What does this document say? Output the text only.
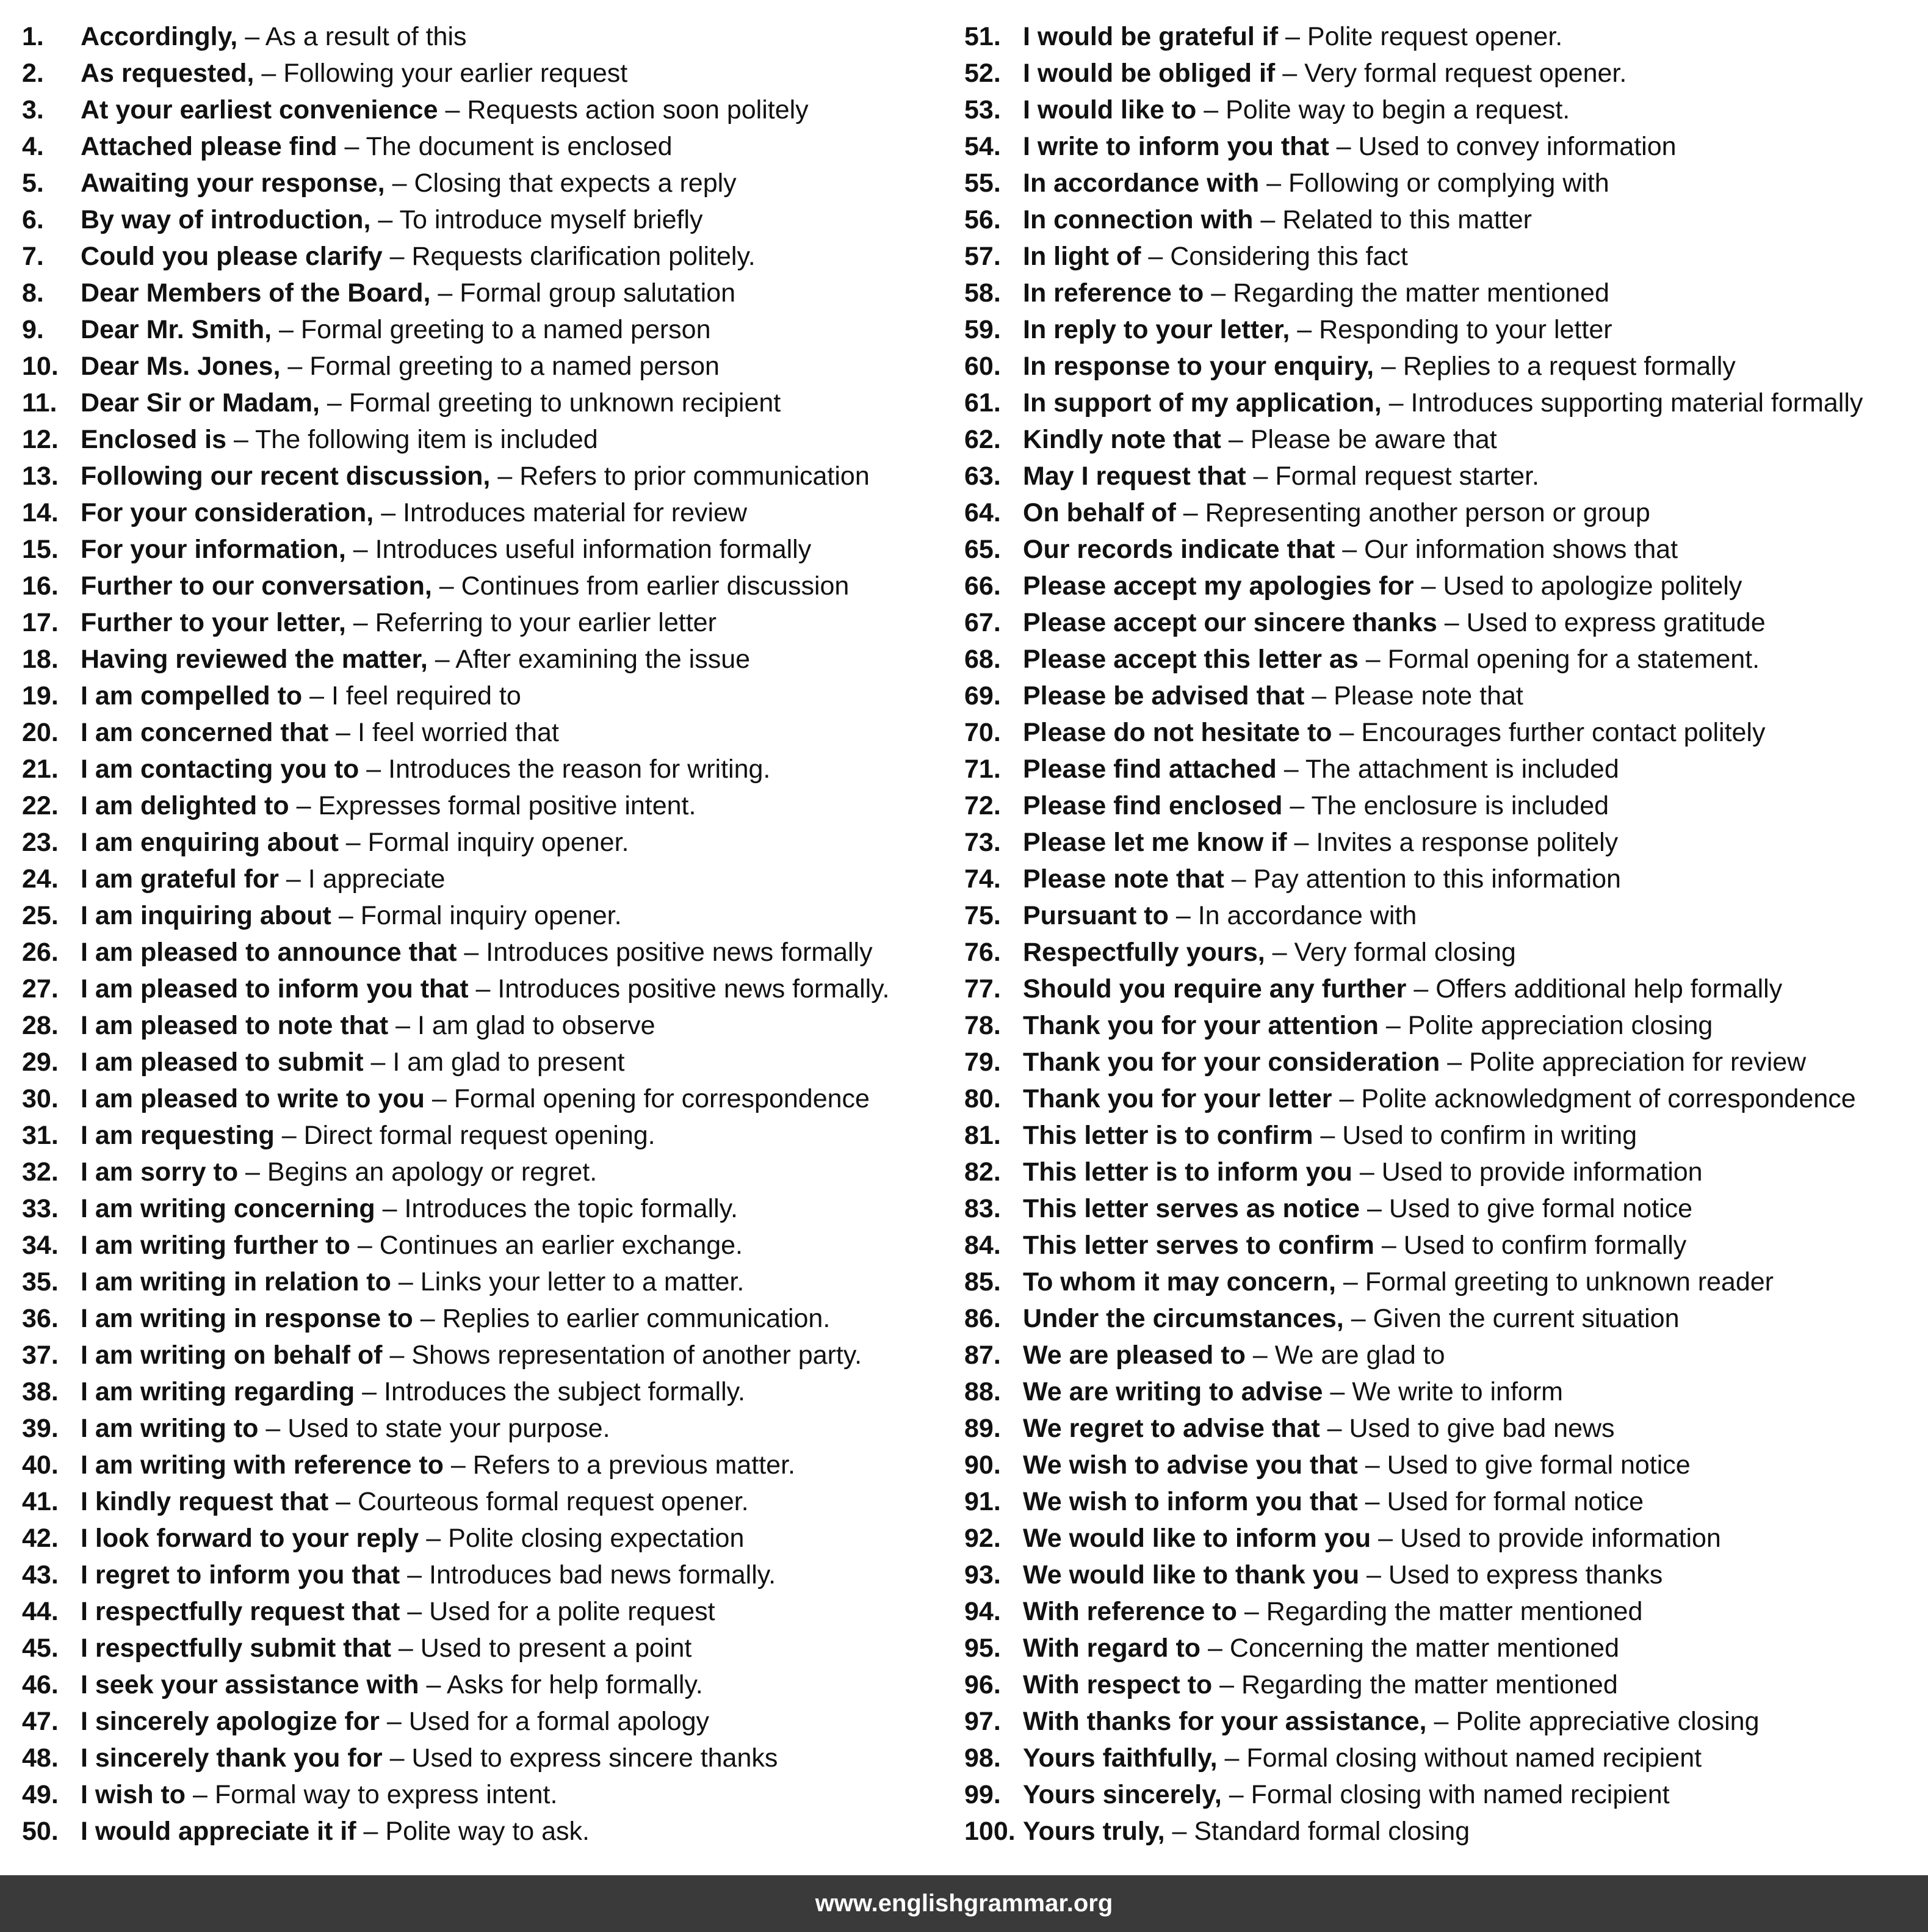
1. Accordingly, – As a result of this
2. As requested, – Following your earlier request
3. At your earliest convenience – Requests action soon politely
4. Attached please find – The document is enclosed
5. Awaiting your response, – Closing that expects a reply
6. By way of introduction, – To introduce myself briefly
7. Could you please clarify – Requests clarification politely.
8. Dear Members of the Board, – Formal group salutation
9. Dear Mr. Smith, – Formal greeting to a named person
10. Dear Ms. Jones, – Formal greeting to a named person
11. Dear Sir or Madam, – Formal greeting to unknown recipient
12. Enclosed is – The following item is included
13. Following our recent discussion, – Refers to prior communication
14. For your consideration, – Introduces material for review
15. For your information, – Introduces useful information formally
16. Further to our conversation, – Continues from earlier discussion
17. Further to your letter, – Referring to your earlier letter
18. Having reviewed the matter, – After examining the issue
19. I am compelled to – I feel required to
20. I am concerned that – I feel worried that
21. I am contacting you to – Introduces the reason for writing.
22. I am delighted to – Expresses formal positive intent.
23. I am enquiring about – Formal inquiry opener.
24. I am grateful for – I appreciate
25. I am inquiring about – Formal inquiry opener.
26. I am pleased to announce that – Introduces positive news formally
27. I am pleased to inform you that – Introduces positive news formally.
28. I am pleased to note that – I am glad to observe
29. I am pleased to submit – I am glad to present
30. I am pleased to write to you – Formal opening for correspondence
31. I am requesting – Direct formal request opening.
32. I am sorry to – Begins an apology or regret.
33. I am writing concerning – Introduces the topic formally.
34. I am writing further to – Continues an earlier exchange.
35. I am writing in relation to – Links your letter to a matter.
36. I am writing in response to – Replies to earlier communication.
37. I am writing on behalf of – Shows representation of another party.
38. I am writing regarding – Introduces the subject formally.
39. I am writing to – Used to state your purpose.
40. I am writing with reference to – Refers to a previous matter.
41. I kindly request that – Courteous formal request opener.
42. I look forward to your reply – Polite closing expectation
43. I regret to inform you that – Introduces bad news formally.
44. I respectfully request that – Used for a polite request
45. I respectfully submit that – Used to present a point
46. I seek your assistance with – Asks for help formally.
47. I sincerely apologize for – Used for a formal apology
48. I sincerely thank you for – Used to express sincere thanks
49. I wish to – Formal way to express intent.
50. I would appreciate it if – Polite way to ask.
51. I would be grateful if – Polite request opener.
52. I would be obliged if – Very formal request opener.
53. I would like to – Polite way to begin a request.
54. I write to inform you that – Used to convey information
55. In accordance with – Following or complying with
56. In connection with – Related to this matter
57. In light of – Considering this fact
58. In reference to – Regarding the matter mentioned
59. In reply to your letter, – Responding to your letter
60. In response to your enquiry, – Replies to a request formally
61. In support of my application, – Introduces supporting material formally
62. Kindly note that – Please be aware that
63. May I request that – Formal request starter.
64. On behalf of – Representing another person or group
65. Our records indicate that – Our information shows that
66. Please accept my apologies for – Used to apologize politely
67. Please accept our sincere thanks – Used to express gratitude
68. Please accept this letter as – Formal opening for a statement.
69. Please be advised that – Please note that
70. Please do not hesitate to – Encourages further contact politely
71. Please find attached – The attachment is included
72. Please find enclosed – The enclosure is included
73. Please let me know if – Invites a response politely
74. Please note that – Pay attention to this information
75. Pursuant to – In accordance with
76. Respectfully yours, – Very formal closing
77. Should you require any further – Offers additional help formally
78. Thank you for your attention – Polite appreciation closing
79. Thank you for your consideration – Polite appreciation for review
80. Thank you for your letter – Polite acknowledgment of correspondence
81. This letter is to confirm – Used to confirm in writing
82. This letter is to inform you – Used to provide information
83. This letter serves as notice – Used to give formal notice
84. This letter serves to confirm – Used to confirm formally
85. To whom it may concern, – Formal greeting to unknown reader
86. Under the circumstances, – Given the current situation
87. We are pleased to – We are glad to
88. We are writing to advise – We write to inform
89. We regret to advise that – Used to give bad news
90. We wish to advise you that – Used to give formal notice
91. We wish to inform you that – Used for formal notice
92. We would like to inform you – Used to provide information
93. We would like to thank you – Used to express thanks
94. With reference to – Regarding the matter mentioned
95. With regard to – Concerning the matter mentioned
96. With respect to – Regarding the matter mentioned
97. With thanks for your assistance, – Polite appreciative closing
98. Yours faithfully, – Formal closing without named recipient
99. Yours sincerely, – Formal closing with named recipient
100. Yours truly, – Standard formal closing
www.englishgrammar.org
